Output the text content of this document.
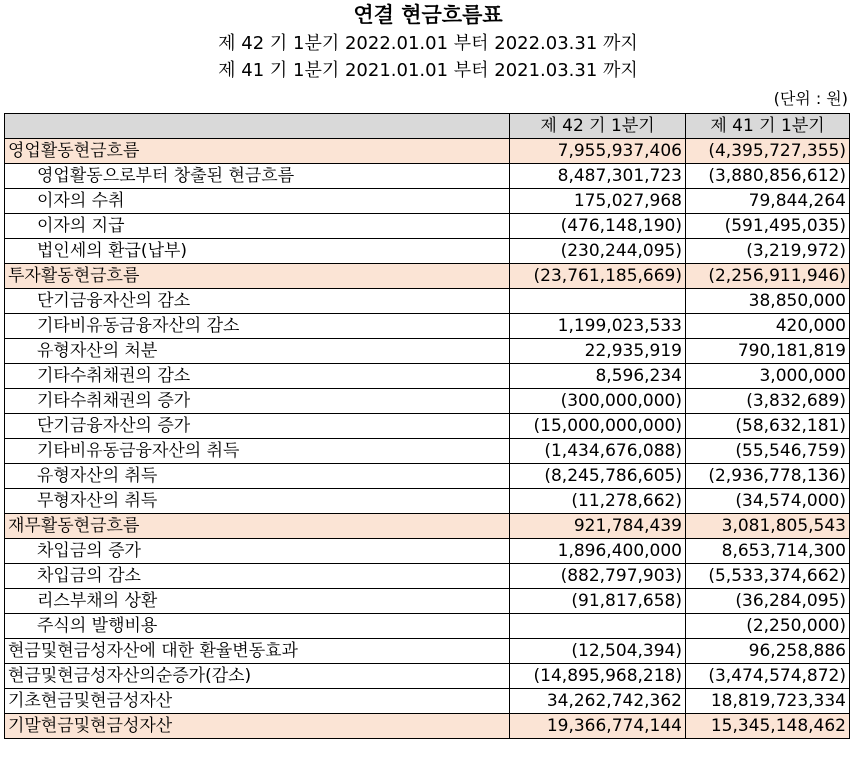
연결 현금흐름표
제 42 기 1분기 2022.01.01 부터 2022.03.31 까지
제 41 기 1분기 2021.01.01 부터 2021.03.31 까지
(단위 : 원)
	제 42 기 1분기	제 41 기 1분기
영업활동현금흐름	7,955,937,406	(4,395,727,355)
영업활동으로부터 창출된 현금흐름	8,487,301,723	(3,880,856,612)
이자의 수취	175,027,968	79,844,264
이자의 지급	(476,148,190)	(591,495,035)
법인세의 환급(납부)	(230,244,095)	(3,219,972)
투자활동현금흐름	(23,761,185,669)	(2,256,911,946)
단기금융자산의 감소		38,850,000
기타비유동금융자산의 감소	1,199,023,533	420,000
유형자산의 처분	22,935,919	790,181,819
기타수취채권의 감소	8,596,234	3,000,000
기타수취채권의 증가	(300,000,000)	(3,832,689)
단기금융자산의 증가	(15,000,000,000)	(58,632,181)
기타비유동금융자산의 취득	(1,434,676,088)	(55,546,759)
유형자산의 취득	(8,245,786,605)	(2,936,778,136)
무형자산의 취득	(11,278,662)	(34,574,000)
재무활동현금흐름	921,784,439	3,081,805,543
차입금의 증가	1,896,400,000	8,653,714,300
차입금의 감소	(882,797,903)	(5,533,374,662)
리스부채의 상환	(91,817,658)	(36,284,095)
주식의 발행비용		(2,250,000)
현금및현금성자산에 대한 환율변동효과	(12,504,394)	96,258,886
현금및현금성자산의순증가(감소)	(14,895,968,218)	(3,474,574,872)
기초현금및현금성자산	34,262,742,362	18,819,723,334
기말현금및현금성자산	19,366,774,144	15,345,148,462
